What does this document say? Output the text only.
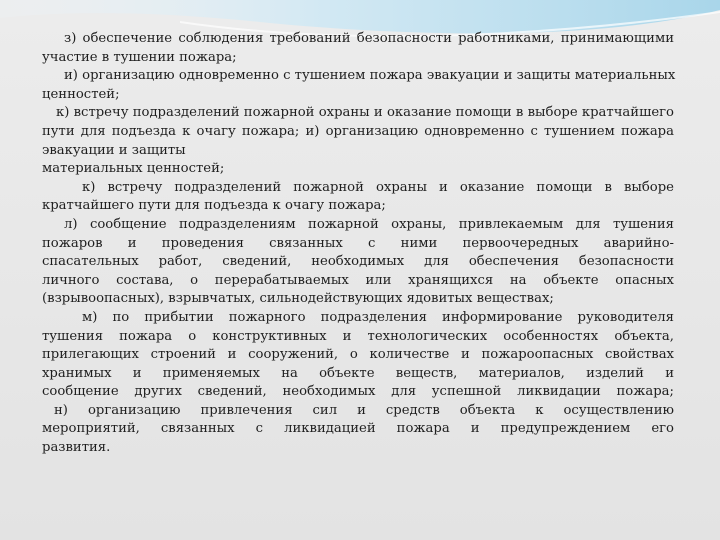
з) обеспечение соблюдения требований безопасности работниками, принимающими

участие в тушении пожара;

и) организацию одновременно с тушением пожара эвакуации и защиты материальных

ценностей;

к) встречу подразделений пожарной охраны и оказание помощи в выборе кратчайшего

пути для подъезда к очагу пожара; и) организацию одновременно с тушением пожара

эвакуации и защиты

материальных ценностей;

к) встречу подразделений пожарной охраны и оказание помощи в выборе

кратчайшего пути для подъезда к очагу пожара;

л) сообщение подразделениям пожарной охраны, привлекаемым для тушения

пожаров и проведения связанных с ними первоочередных аварийно-

спасательных работ, сведений, необходимых для обеспечения безопасности

личного состава, о перерабатываемых или хранящихся на объекте опасных

(взрывоопасных), взрывчатых, сильнодействующих ядовитых веществах;

м) по прибытии пожарного подразделения информирование руководителя

тушения пожара о конструктивных и технологических особенностях объекта,

прилегающих строений и сооружений, о количестве и пожароопасных свойствах

хранимых и применяемых на объекте веществ, материалов, изделий и

сообщение других сведений, необходимых для успешной ликвидации пожара;

н) организацию привлечения сил и средств объекта к осуществлению

мероприятий, связанных с ликвидацией пожара и предупреждением его

развития.
